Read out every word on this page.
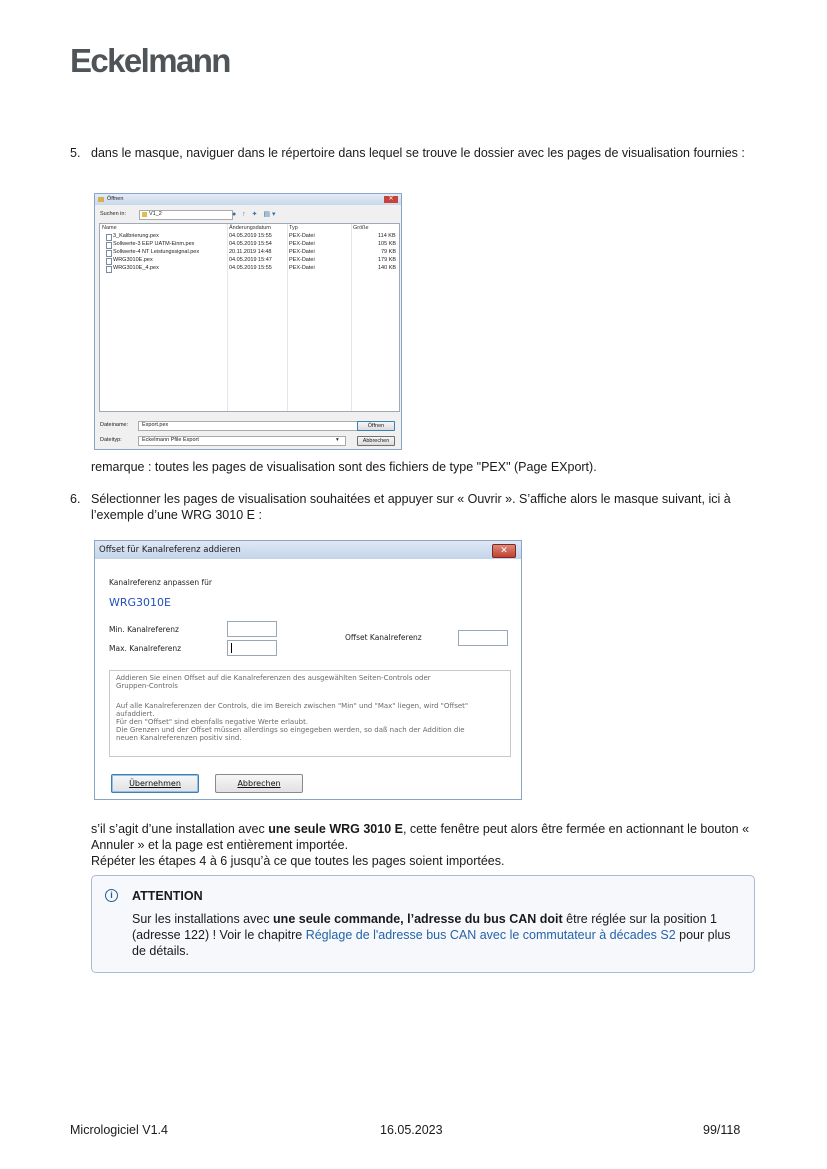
Eckelmann
5. dans le masque, naviguer dans le répertoire dans lequel se trouve le dossier avec les pages de visualisation fournies :
Öffnen	✕
Suchen in:	V1_2	● ↑ ✦ ▤▾
Name	Änderungsdatum	Typ	Größe
3_Kalibrierung.pex	04.05.2019 15:55	PEX-Datei	114 KB
Sollwerte-3 EEP UATM-Einm.pex	04.05.2019 15:54	PEX-Datei	105 KB
Sollwerte-4 NT Leistungssignal.pex	20.11.2019 14:48	PEX-Datei	79 KB
WRG3010E.pex	04.05.2019 15:47	PEX-Datei	179 KB
WRG3010E_4.pex	04.05.2019 15:55	PEX-Datei	140 KB
Dateiname:	Export.pex	Öffnen
Dateityp:	Eckelmann Pfile Export	▾	Abbrechen
remarque : toutes les pages de visualisation sont des fichiers de type "PEX" (Page EXport).
6. Sélectionner les pages de visualisation souhaitées et appuyer sur « Ouvrir ». S’affiche alors le masque suivant, ici à l’exemple d’une WRG 3010 E :
Offset für Kanalreferenz addieren	✕
Kanalreferenz anpassen für
WRG3010E
Min. Kanalreferenz
Max. Kanalreferenz
Offset Kanalreferenz
Addieren Sie einen Offset auf die Kanalreferenzen des ausgewählten Seiten-Controls oder
Gruppen-Controls
Auf alle Kanalreferenzen der Controls, die im Bereich zwischen "Min" und "Max" liegen, wird "Offset"
aufaddiert.
Für den "Offset" sind ebenfalls negative Werte erlaubt.
Die Grenzen und der Offset müssen allerdings so eingegeben werden, so daß nach der Addition die
neuen Kanalreferenzen positiv sind.
Übernehmen	Abbrechen
s’il s’agit d’une installation avec une seule WRG 3010 E, cette fenêtre peut alors être fermée en actionnant le bouton « Annuler » et la page est entièrement importée.
Répéter les étapes 4 à 6 jusqu’à ce que toutes les pages soient importées.
i	ATTENTION
Sur les installations avec une seule commande, l’adresse du bus CAN doit être réglée sur la position 1 (adresse 122) ! Voir le chapitre Réglage de l'adresse bus CAN avec le commutateur à décades S2 pour plus de détails.
Micrologiciel V1.4	16.05.2023	99/118
